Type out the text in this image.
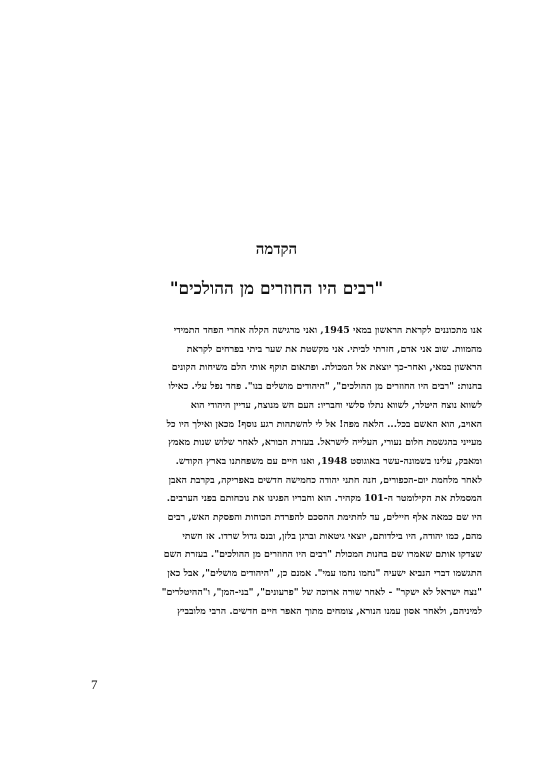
הקדמה
"רבים היו החוזרים מן ההולכים"
אנו מתכוננים לקראת הראשון במאי 1945, ואני מרגישה הקלה אחרי הפחד התמידי
מהמוות. שוב אני אדם, חזרתי לביתי. אני מקשטת את שער ביתי בפרחים לקראת
הראשון במאי, ואחר-כך יוצאת אל המכולת. ופתאום תוקף אותי הלם משיחות הקונים
בחנות: "רבים היו החוזרים מן ההולכים", "היהודים מושלים בנו". פחד נפל עלי. כאילו
לשווא נוצח היטלר, לשווא נתלו סלשי וחבריו: העם חש מנוצח, עדיין היהודי הוא
האויב, הוא האשם בכל... הלאה מפה! אל לי להשתהות רגע נוסף! מכאן ואילך היו כל
מעייני בהגשמת חלום נעורי, העלייה לישראל. בעזרת הבורא, לאחר שלוש שנות מאמץ
ומאבק, עלינו בשמונה-עשר באוגוסט 1948, ואנו חיים עם משפחתנו בארץ הקודש.
לאחר מלחמת יום-הכפורים, חנה חתני יהודה כחמישה חדשים באפריקה, בקרבת האבן
המסמלת את הקילומטר ה-101 מקהיר. הוא וחבריו הפגינו את נוכחותם בפני הערבים.
היו שם כמאה אלף חיילים, עד לחתימת ההסכם להפרדת הכוחות והפסקת האש, רבים
מהם, כמו יהודה, היו בילדותם, יוצאי גיטאות וברגן בלזן, ובנס גדול שרדו. אז חשתי
שצדקו אותם שאמרו שם בחנות המכולת "רבים היו החוזרים מן ההולכים". בעזרת השם
התגשמו דברי הנביא ישעיה "נחמו נחמו עמי". אמנם כן, "היהודים מושלים", אבל כאן
"נצח ישראל לא ישקר" - לאחר שורה ארוכה של "פרעונים", "בני-המן", ו"ההיטלרים"
למיניהם, ולאחר אסון עמנו הנורא, צומחים מתוך האפר חיים חדשים. הרבי מלובביץ
7
